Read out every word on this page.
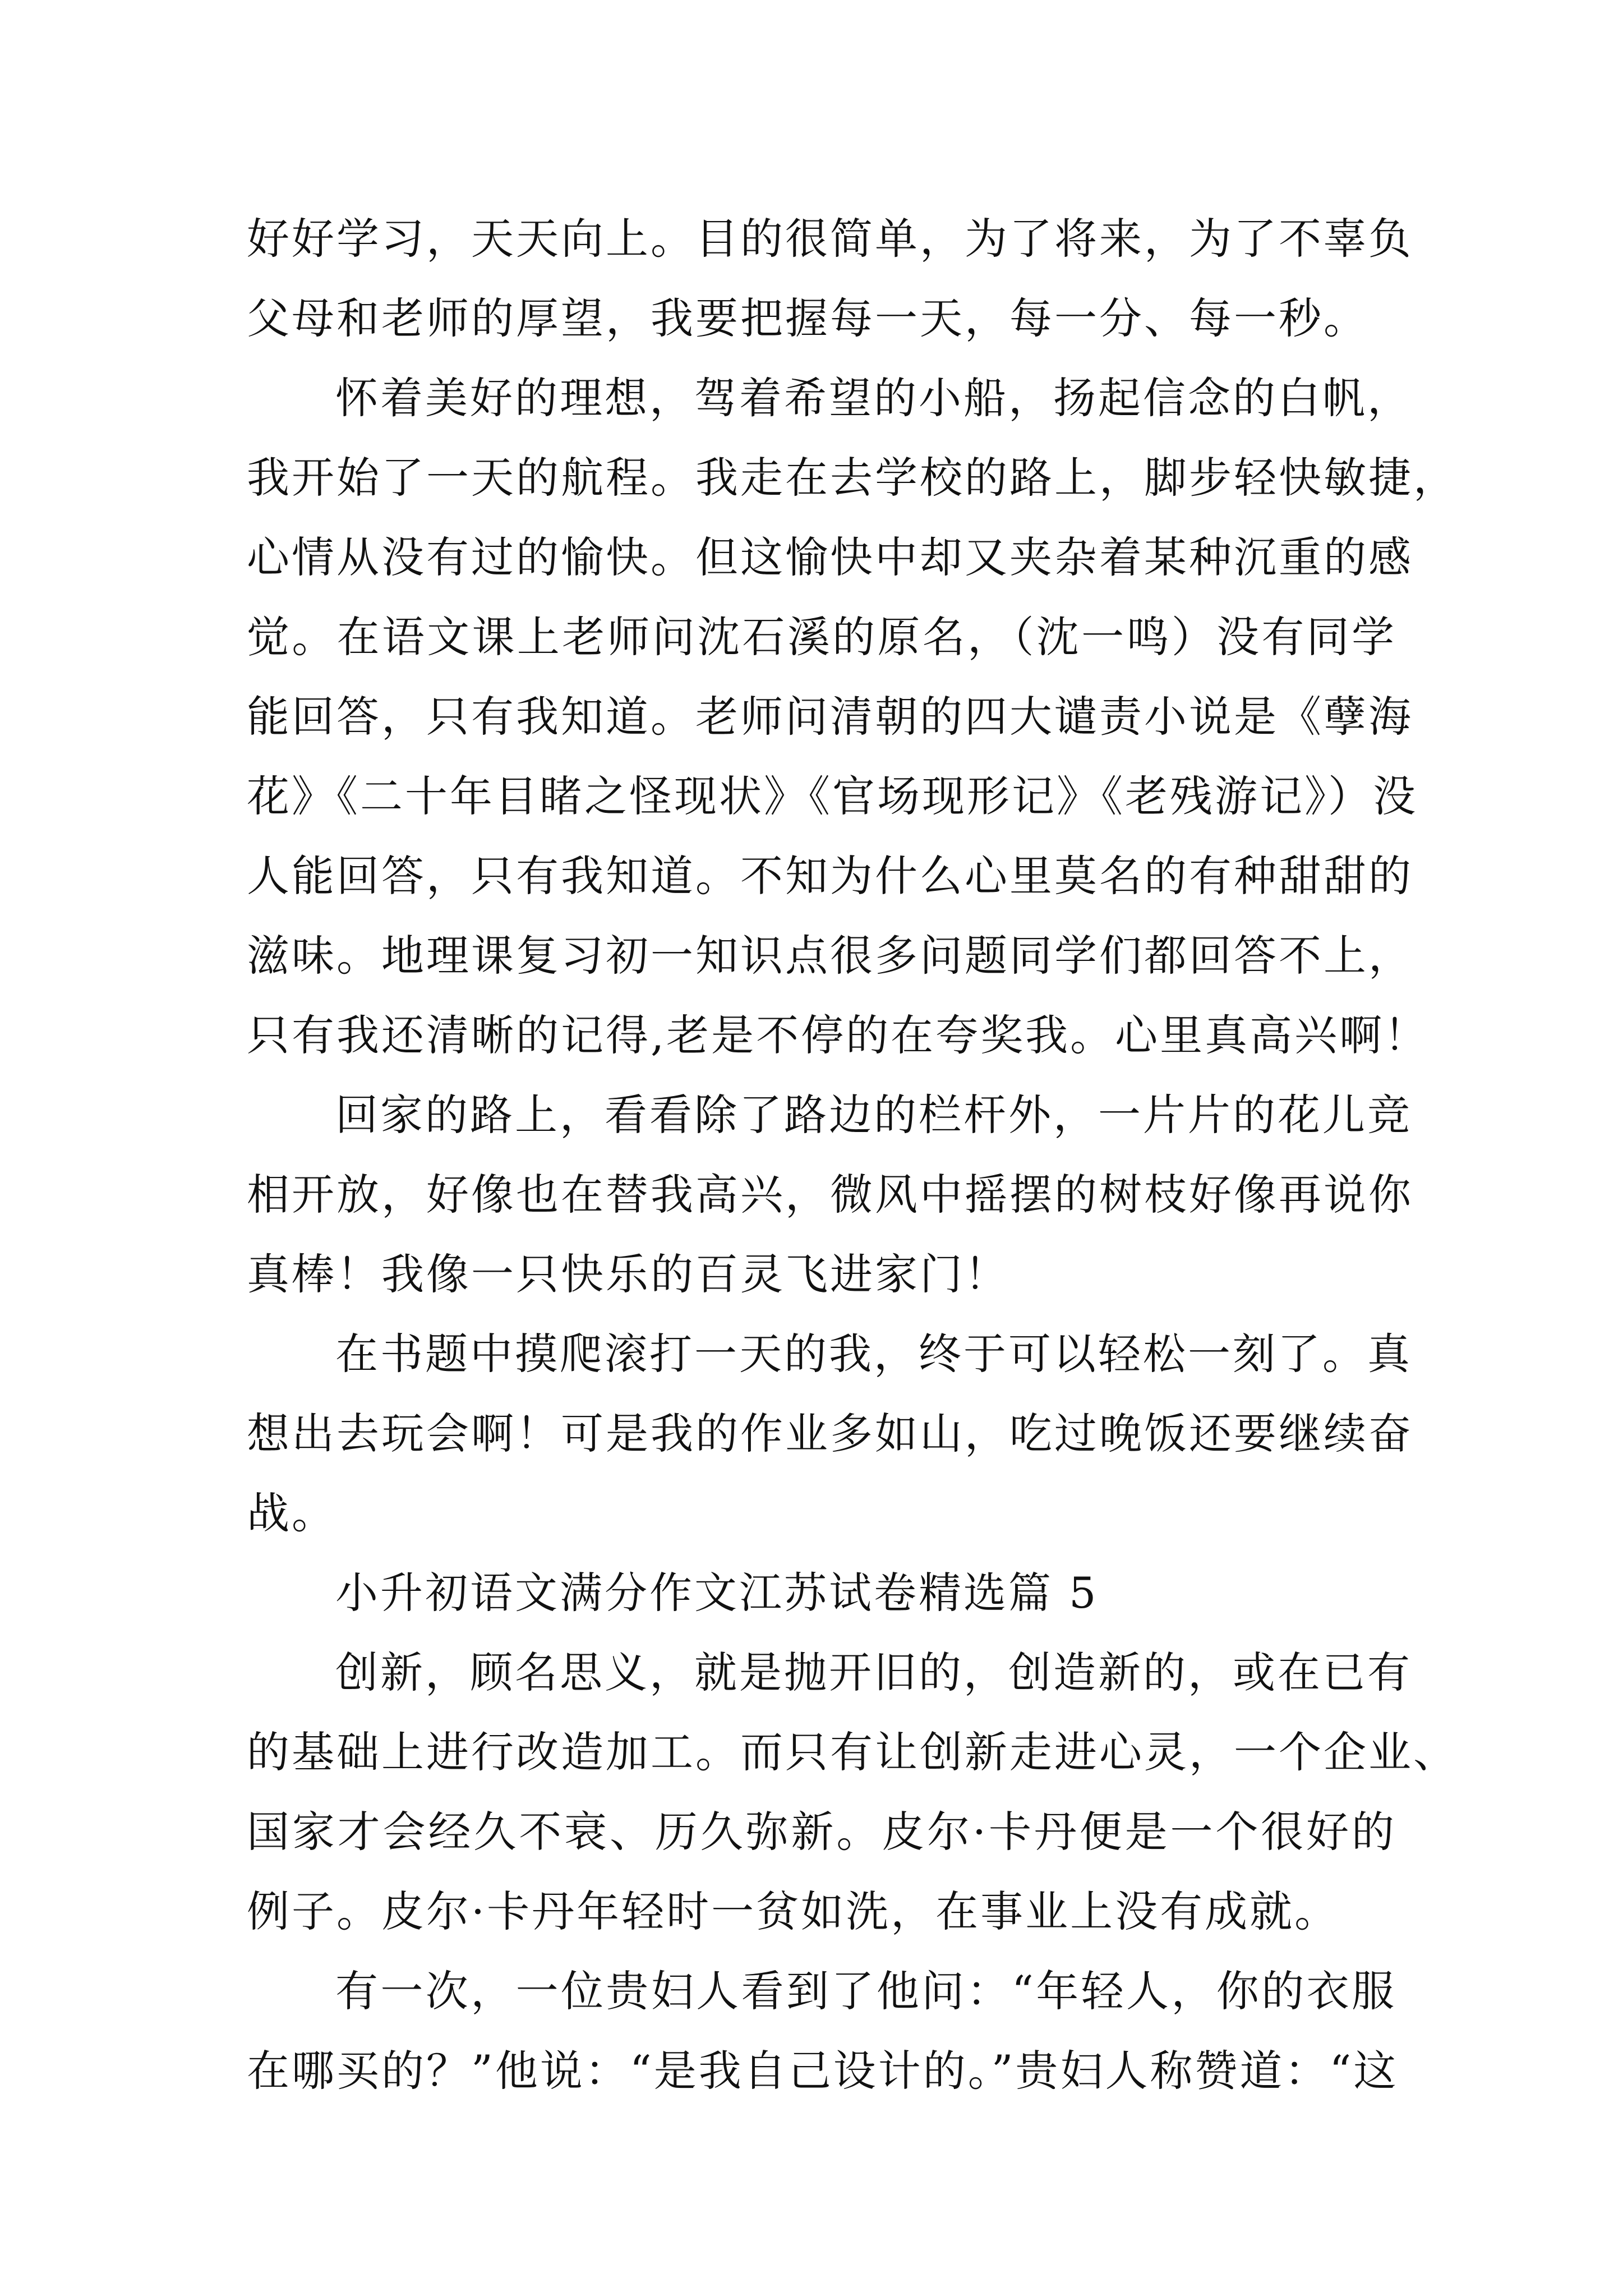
好好学习，天天向上。目的很简单，为了将来，为了不辜负
父母和老师的厚望，我要把握每一天，每一分、每一秒。
怀着美好的理想，驾着希望的小船，扬起信念的白帆，
我开始了一天的航程。我走在去学校的路上，脚步轻快敏捷，
心情从没有过的愉快。但这愉快中却又夹杂着某种沉重的感
觉。在语文课上老师问沈石溪的原名，（沈一鸣）没有同学
能回答，只有我知道。老师问清朝的四大谴责小说是《孽海
花》《二十年目睹之怪现状》《官场现形记》《老残游记》）没
人能回答，只有我知道。不知为什么心里莫名的有种甜甜的
滋味。地理课复习初一知识点很多问题同学们都回答不上，
只有我还清晰的记得,老是不停的在夸奖我。心里真高兴啊！
回家的路上，看看除了路边的栏杆外，一片片的花儿竞
相开放，好像也在替我高兴，微风中摇摆的树枝好像再说你
真棒！我像一只快乐的百灵飞进家门！
在书题中摸爬滚打一天的我，终于可以轻松一刻了。真
想出去玩会啊！可是我的作业多如山，吃过晚饭还要继续奋
战。
小升初语文满分作文江苏试卷精选篇 5
创新，顾名思义，就是抛开旧的，创造新的，或在已有
的基础上进行改造加工。而只有让创新走进心灵，一个企业、
国家才会经久不衰、历久弥新。皮尔·卡丹便是一个很好的
例子。皮尔·卡丹年轻时一贫如洗，在事业上没有成就。
有一次，一位贵妇人看到了他问：“年轻人，你的衣服
在哪买的？”他说：“是我自己设计的。”贵妇人称赞道：“这
